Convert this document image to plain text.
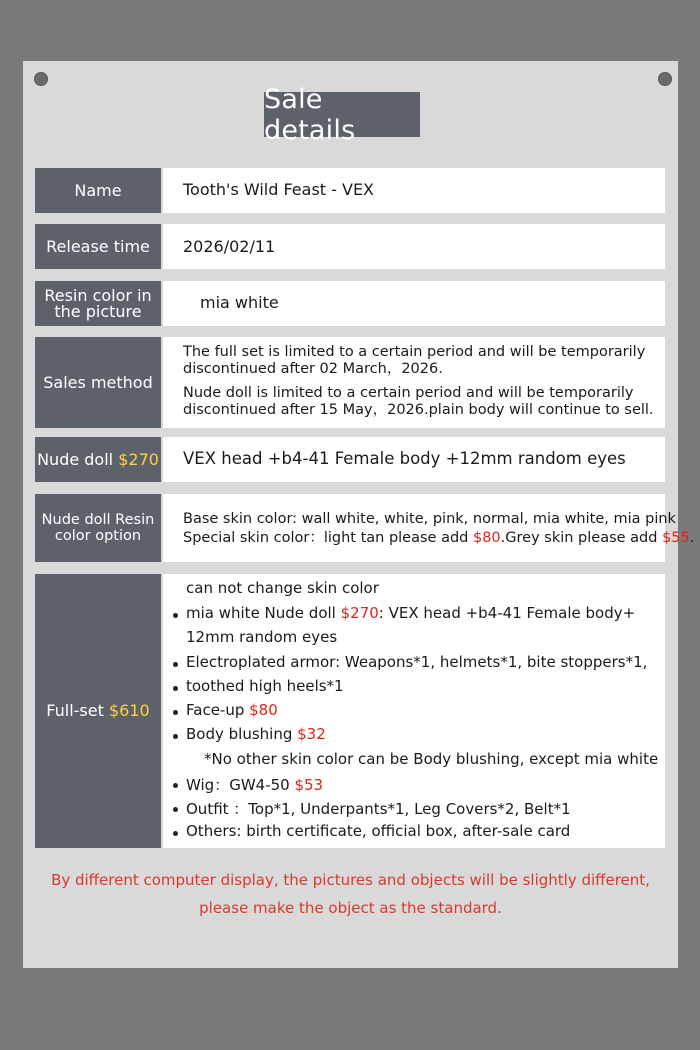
Sale details
Name	Tooth's Wild Feast - VEX
Release time 2026/02/11
Resin color in
the picture	mia white
Sales method
The full set is limited to a certain period and will be temporarily
discontinued after 02 March，2026.
Nude doll is limited to a certain period and will be temporarily
discontinued after 15 May，2026.plain body will continue to sell.
Nude doll $270 VEX head +b4-41 Female body +12mm random eyes
Nude doll Resin
color option
Base skin color: wall white, white, pink, normal, mia white, mia pink
Special skin color：light tan please add $80.Grey skin please add $55.
Full-set $610
can not change skin color
mia white Nude doll $270: VEX head +b4-41 Female body+
12mm random eyes
Electroplated armor: Weapons*1, helmets*1, bite stoppers*1,
toothed high heels*1
Face-up $80
Body blushing $32
*No other skin color can be Body blushing, except mia white
Wig：GW4-50 $53
Outfit ：Top*1, Underpants*1, Leg Covers*2, Belt*1
Others: birth certificate, official box, after-sale card
By different computer display, the pictures and objects will be slightly different,
please make the object as the standard.
